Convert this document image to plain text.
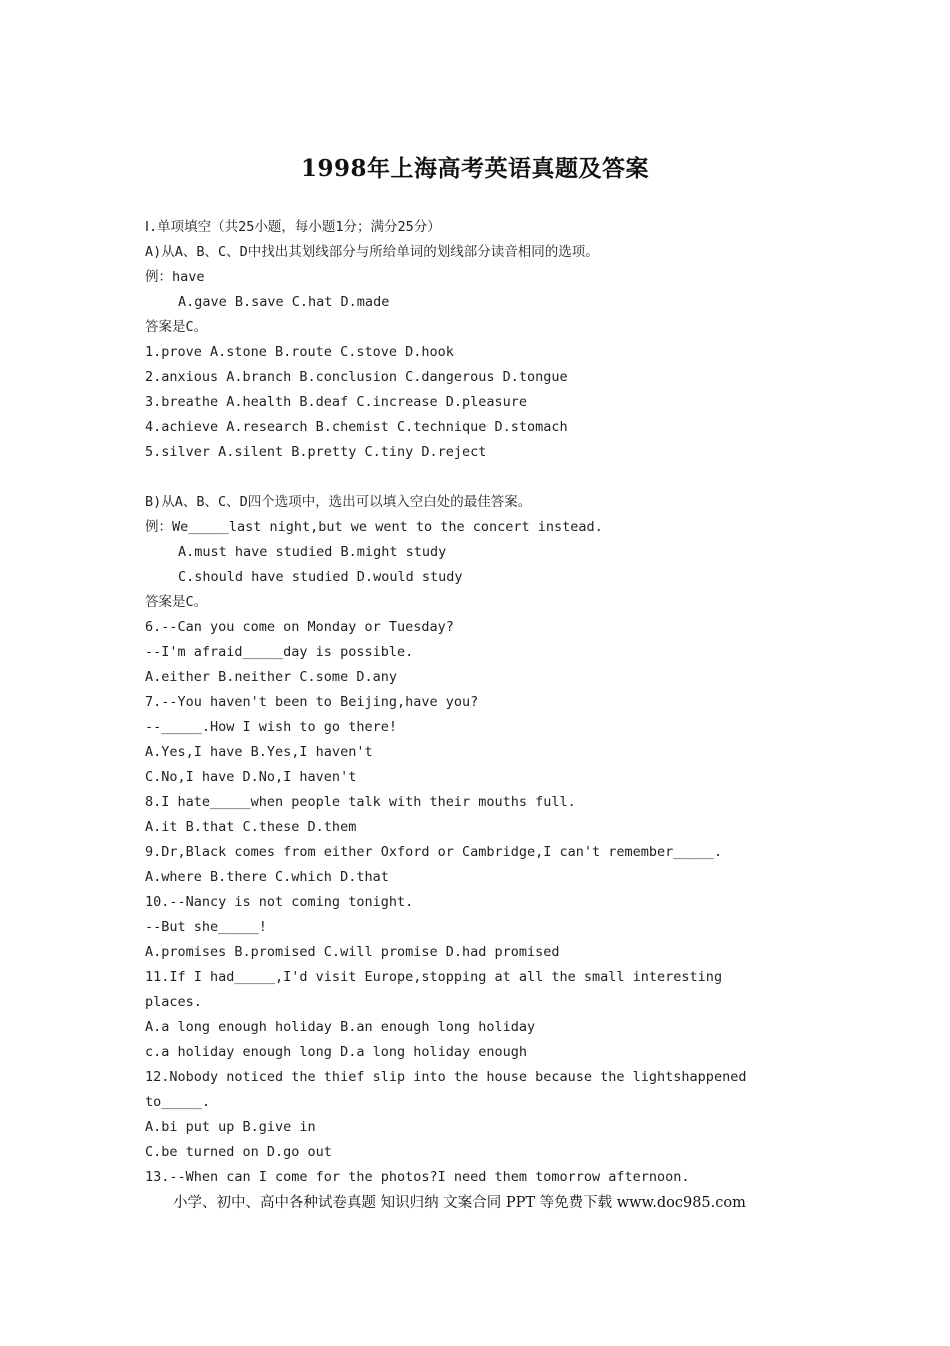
1998年上海高考英语真题及答案
Ⅰ.单项填空（共25小题，每小题1分；满分25分）
A)从A、B、C、D中找出其划线部分与所给单词的划线部分读音相同的选项。
例：have
A.gave B.save C.hat D.made
答案是C。
1.prove A.stone B.route C.stove D.hook
2.anxious A.branch B.conclusion C.dangerous D.tongue
3.breathe A.health B.deaf C.increase D.pleasure
4.achieve A.research B.chemist C.technique D.stomach
5.silver A.silent B.pretty C.tiny D.reject
B)从A、B、C、D四个选项中，选出可以填入空白处的最佳答案。
例：We_____last night,but we went to the concert instead.
A.must have studied B.might study
C.should have studied D.would study
答案是C。
6.--Can you come on Monday or Tuesday?
--I'm afraid_____day is possible.
A.either B.neither C.some D.any
7.--You haven't been to Beijing,have you?
--_____.How I wish to go there!
A.Yes,I have B.Yes,I haven't
C.No,I have D.No,I haven't
8.I hate_____when people talk with their mouths full.
A.it B.that C.these D.them
9.Dr,Black comes from either Oxford or Cambridge,I can't remember_____.
A.where B.there C.which D.that
10.--Nancy is not coming tonight.
--But she_____!
A.promises B.promised C.will promise D.had promised
11.If I had_____,I'd visit Europe,stopping at all the small interesting
places.
A.a long enough holiday B.an enough long holiday
c.a holiday enough long D.a long holiday enough
12.Nobody noticed the thief slip into the house because the lightshappened
to_____.
A.bi put up B.give in
C.be turned on D.go out
13.--When can I come for the photos?I need them tomorrow afternoon.
小学、初中、高中各种试卷真题 知识归纳 文案合同 PPT 等免费下载 www.doc985.com
